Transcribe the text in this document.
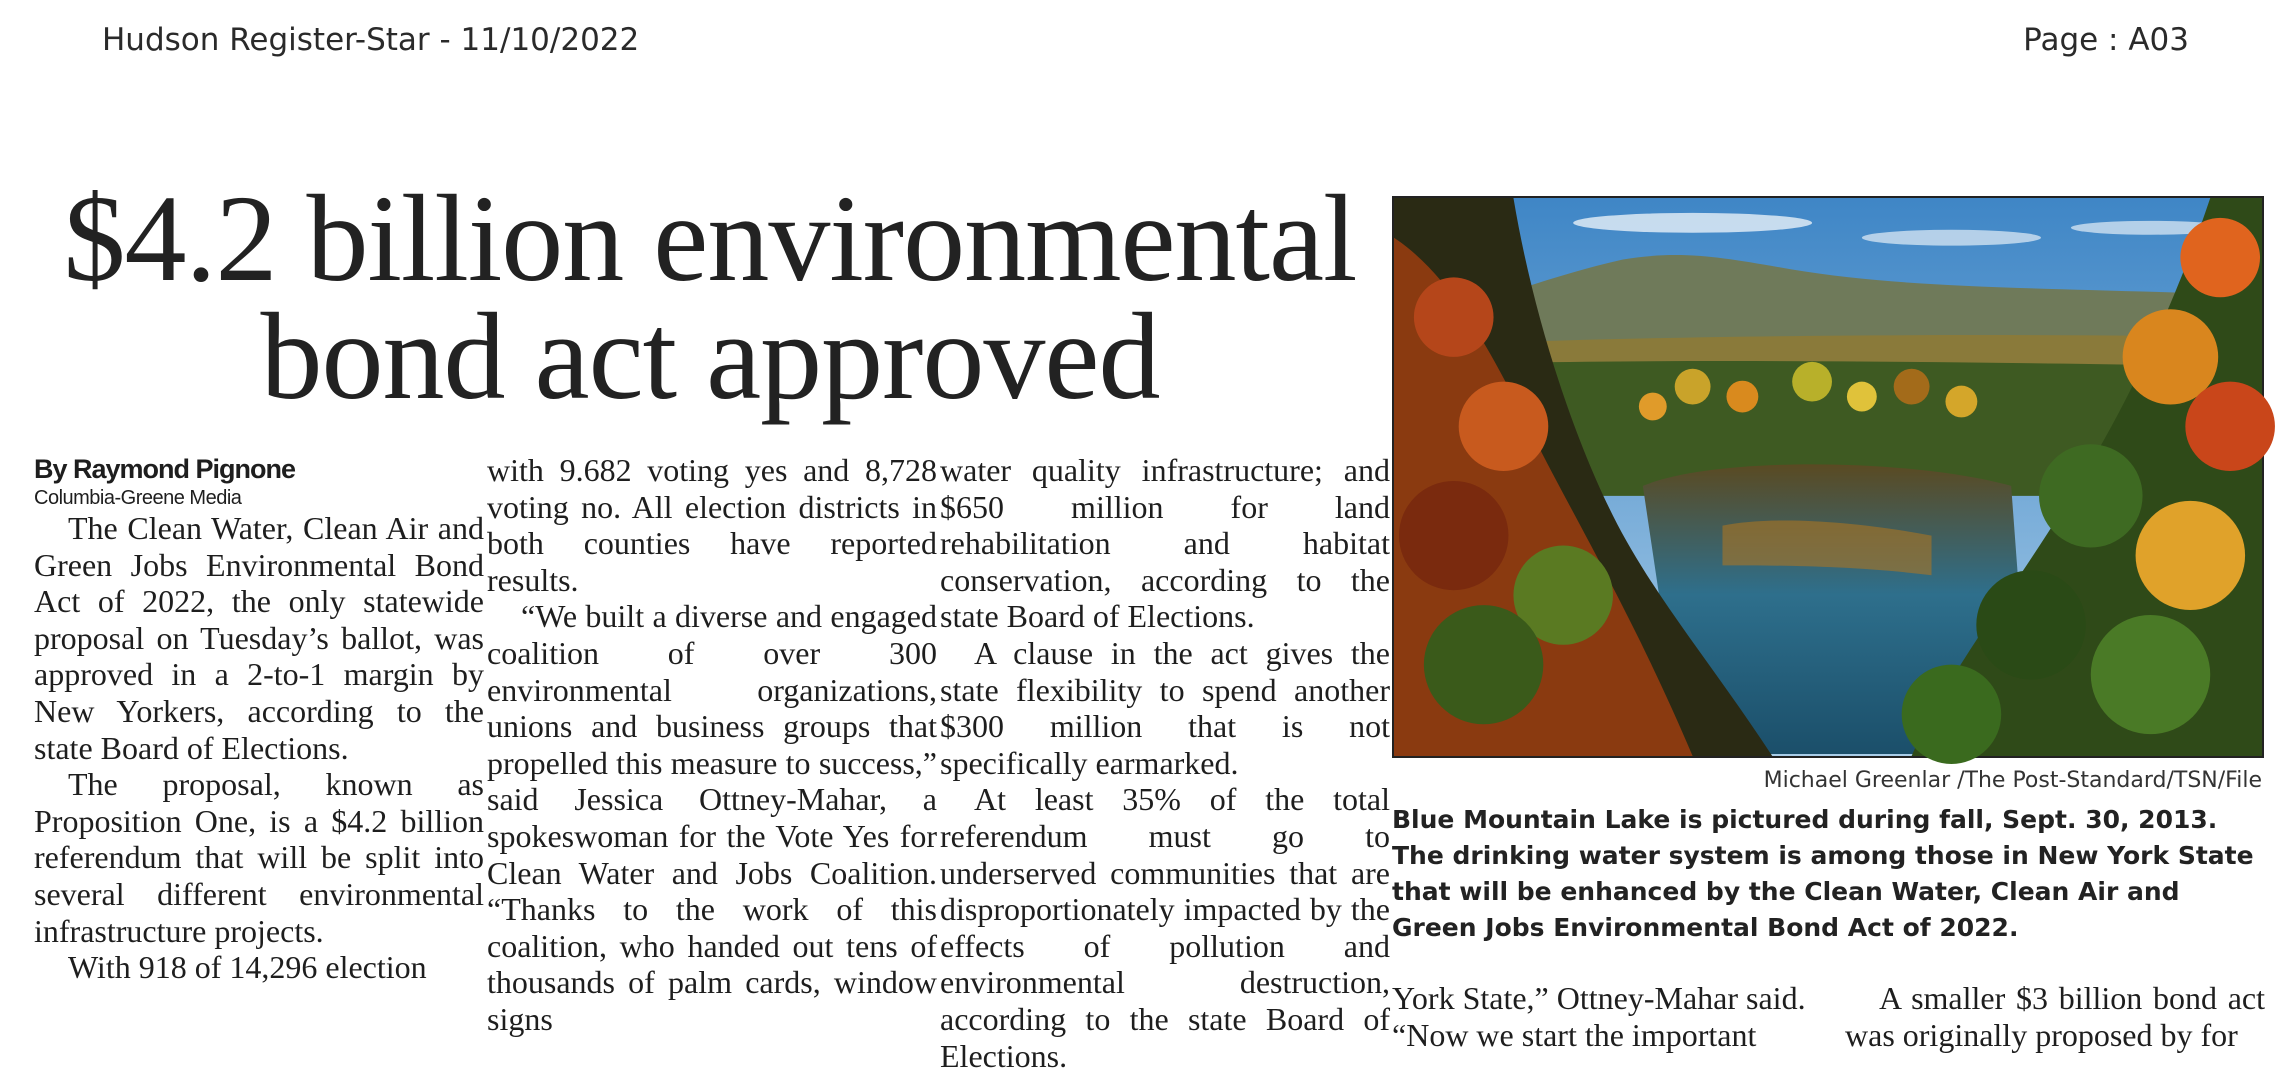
Hudson Register-Star - 11/10/2022	Page : A03
$4.2 billion environmental
bond act approved

By Raymond Pignone

Columbia-Greene Media

The Clean Water, Clean Air and Green Jobs Environmental Bond Act of 2022, the only statewide proposal on Tuesday’s ballot, was approved in a 2-to-1 margin by New Yorkers, according to the state Board of Elections.

The proposal, known as Proposition One, is a $4.2 billion referendum that will be split into several different environmental infrastructure projects.

With 918 of 14,296 election

with 9.682 voting yes and 8,728 voting no. All election districts in both counties have reported results.

“We built a diverse and engaged coalition of over 300 environmental organizations, unions and business groups that propelled this measure to success,” said Jessica Ottney-Mahar, a spokeswoman for the Vote Yes for Clean Water and Jobs Coalition. “Thanks to the work of this coalition, who handed out tens of thousands of palm cards, window signs

water quality infrastructure; and $650 million for land rehabilitation and habitat conservation, according to the state Board of Elections.

A clause in the act gives the state flexibility to spend another $300 million that is not specifically earmarked.

At least 35% of the total referendum must go to underserved communities that are disproportionately impacted by the effects of pollution and environmental destruction, according to the state Board of Elections.

Michael Greenlar /The Post-Standard/TSN/File

Blue Mountain Lake is pictured during fall, Sept. 30, 2013. The drinking water system is among those in New York State that will be enhanced by the Clean Water, Clean Air and Green Jobs Environmental Bond Act of 2022.

York State,” Ottney-Mahar said.

“Now we start the important

A smaller $3 billion bond act was originally proposed by for
